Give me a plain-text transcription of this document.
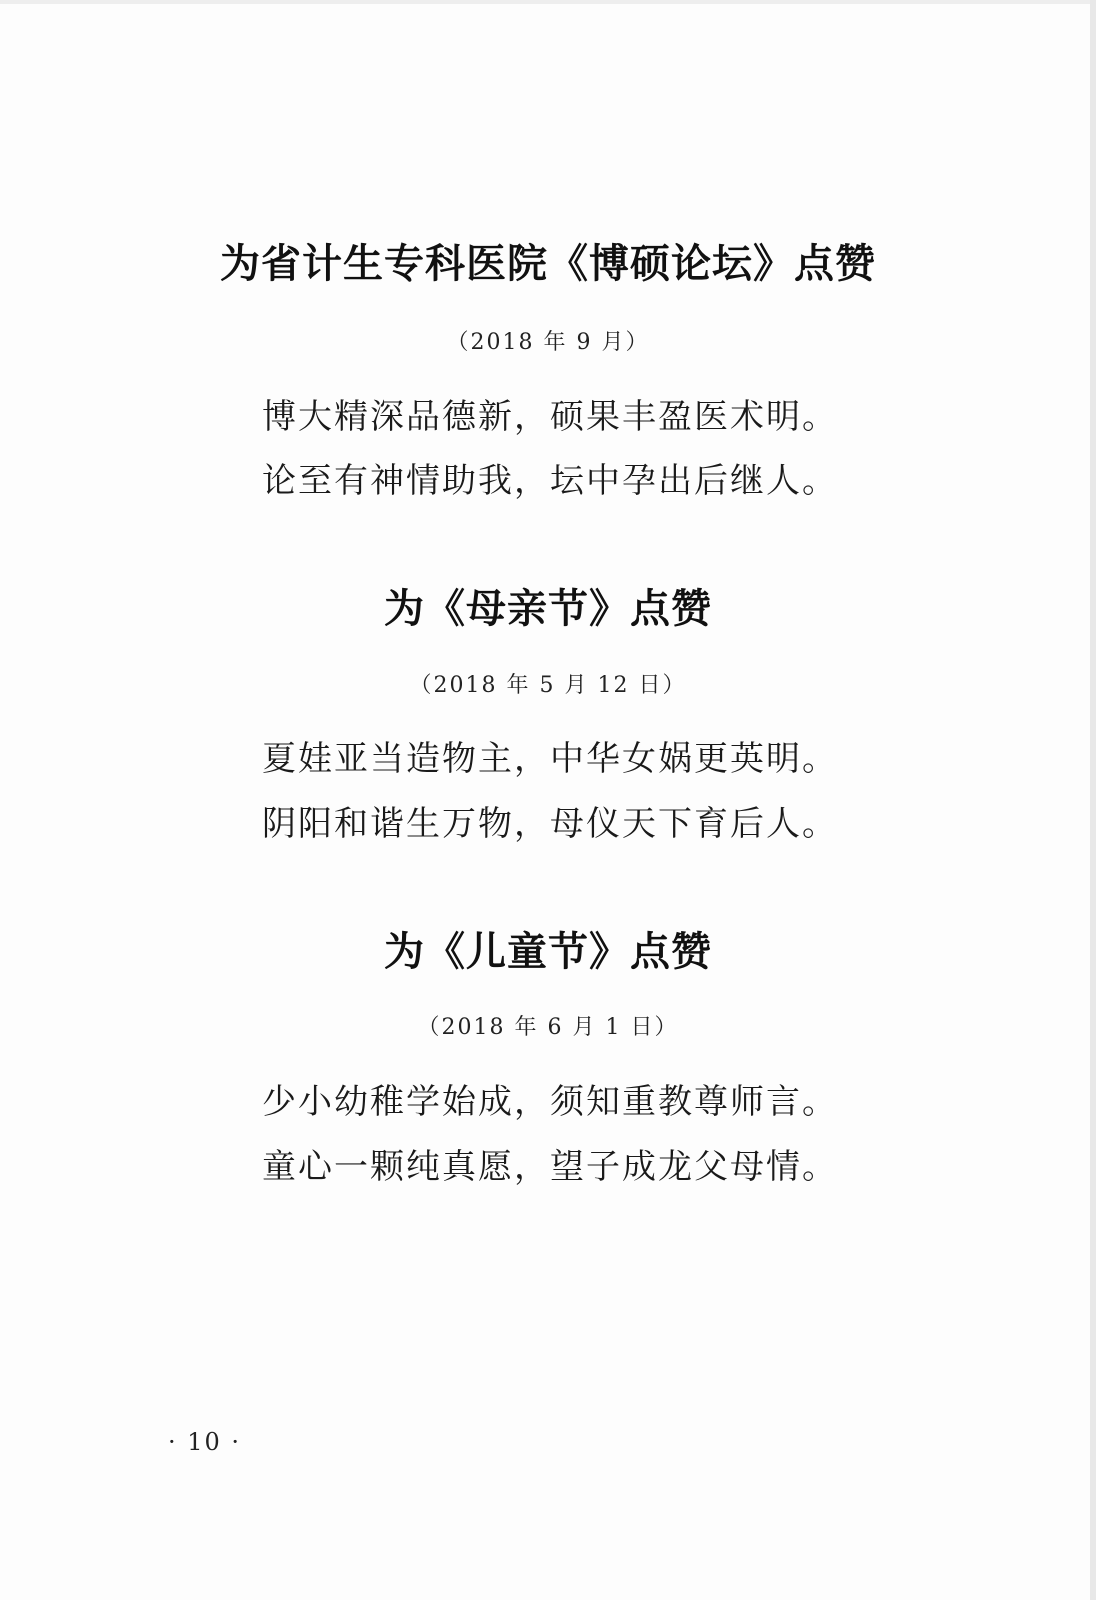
为省计生专科医院《博硕论坛》点赞

（2018 年 9 月）

博大精深品德新，硕果丰盈医术明。
论至有神情助我，坛中孕出后继人。
为《母亲节》点赞

（2018 年 5 月 12 日）

夏娃亚当造物主，中华女娲更英明。
阴阳和谐生万物，母仪天下育后人。
为《儿童节》点赞

（2018 年 6 月 1 日）

少小幼稚学始成，须知重教尊师言。
童心一颗纯真愿，望子成龙父母情。
· 10 ·
